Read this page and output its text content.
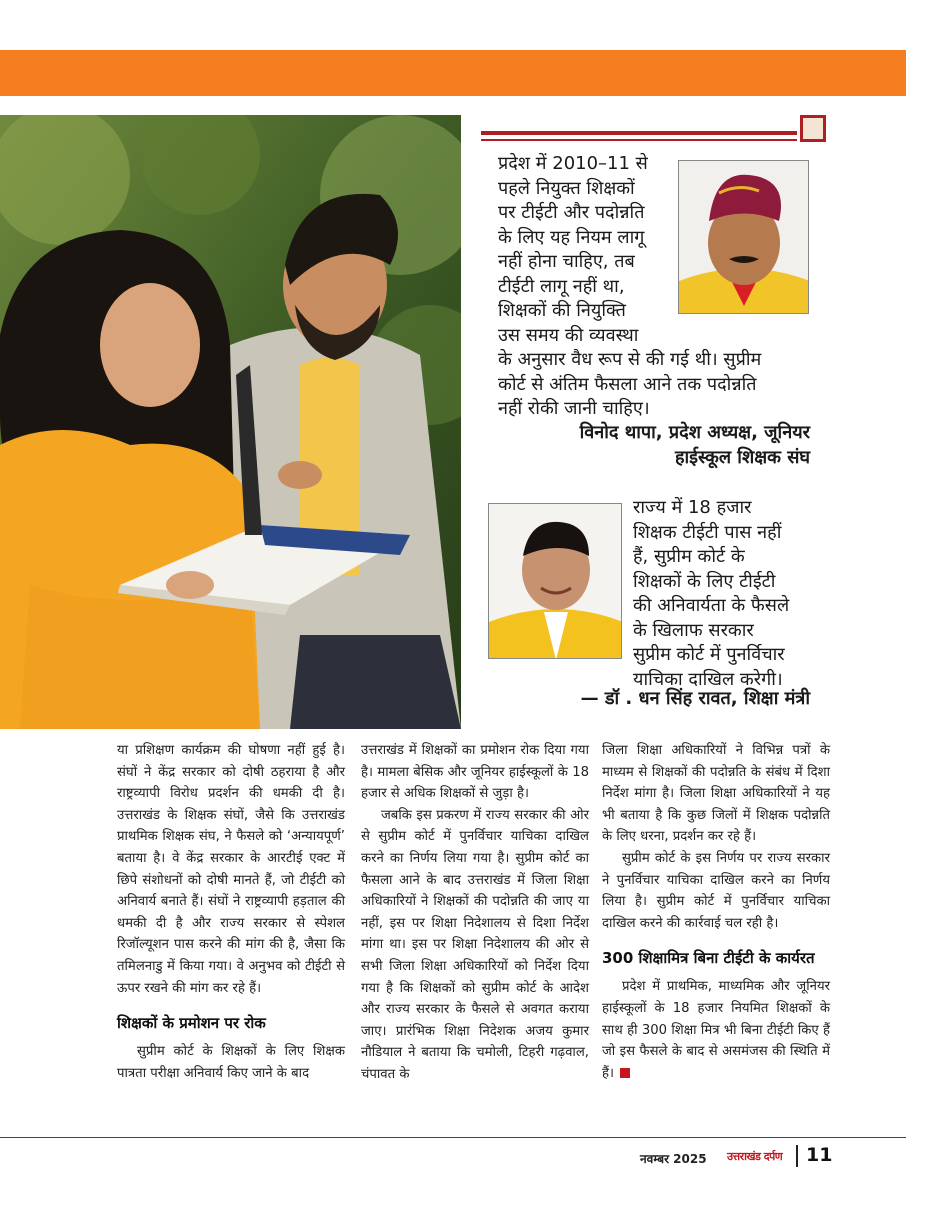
प्रदेश में 2010–11 से
पहले नियुक्त शिक्षकों
पर टीईटी और पदोन्नति
के लिए यह नियम लागू
नहीं होना चाहिए, तब
टीईटी लागू नहीं था,
शिक्षकों की नियुक्ति
उस समय की व्यवस्था
के अनुसार वैध रूप से की गई थी। सुप्रीम
कोर्ट से अंतिम फैसला आने तक पदोन्नति
नहीं रोकी जानी चाहिए।
विनोद थापा, प्रदेश अध्यक्ष, जूनियर
हाईस्कूल शिक्षक संघ
राज्य में 18 हजार
शिक्षक टीईटी पास नहीं
हैं, सुप्रीम कोर्ट के
शिक्षकों के लिए टीईटी
की अनिवार्यता के फैसले
के खिलाफ सरकार
सुप्रीम कोर्ट में पुनर्विचार
याचिका दाखिल करेगी।
— डॉ . धन सिंह रावत, शिक्षा मंत्री

या प्रशिक्षण कार्यक्रम की घोषणा नहीं हुई है। संघों ने केंद्र सरकार को दोषी ठहराया है और राष्ट्रव्यापी विरोध प्रदर्शन की धमकी दी है। उत्तराखंड के शिक्षक संघों, जैसे कि उत्तराखंड प्राथमिक शिक्षक संघ, ने फैसले को ‘अन्यायपूर्ण’ बताया है। वे केंद्र सरकार के आरटीई एक्ट में छिपे संशोधनों को दोषी मानते हैं, जो टीईटी को अनिवार्य बनाते हैं। संघों ने राष्ट्रव्यापी हड़ताल की धमकी दी है और राज्य सरकार से स्पेशल रिजॉल्यूशन पास करने की मांग की है, जैसा कि तमिलनाडु में किया गया। वे अनुभव को टीईटी से ऊपर रखने की मांग कर रहे हैं।

शिक्षकों के प्रमोशन पर रोक

सुप्रीम कोर्ट के शिक्षकों के लिए शिक्षक पात्रता परीक्षा अनिवार्य किए जाने के बाद

उत्तराखंड में शिक्षकों का प्रमोशन रोक दिया गया है। मामला बेसिक और जूनियर हाईस्कूलों के 18 हजार से अधिक शिक्षकों से जुड़ा है।

जबकि इस प्रकरण में राज्य सरकार की ओर से सुप्रीम कोर्ट में पुनर्विचार याचिका दाखिल करने का निर्णय लिया गया है। सुप्रीम कोर्ट का फैसला आने के बाद उत्तराखंड में जिला शिक्षा अधिकारियों ने शिक्षकों की पदोन्नति की जाए या नहीं, इस पर शिक्षा निदेशालय से दिशा निर्देश मांगा था। इस पर शिक्षा निदेशालय की ओर से सभी जिला शिक्षा अधिकारियों को निर्देश दिया गया है कि शिक्षकों को सुप्रीम कोर्ट के आदेश और राज्य सरकार के फैसले से अवगत कराया जाए। प्रारंभिक शिक्षा निदेशक अजय कुमार नौडियाल ने बताया कि चमोली, टिहरी गढ़वाल, चंपावत के

जिला शिक्षा अधिकारियों ने विभिन्न पत्रों के माध्यम से शिक्षकों की पदोन्नति के संबंध में दिशा निर्देश मांगा है। जिला शिक्षा अधिकारियों ने यह भी बताया है कि कुछ जिलों में शिक्षक पदोन्नति के लिए धरना, प्रदर्शन कर रहे हैं।

सुप्रीम कोर्ट के इस निर्णय पर राज्य सरकार ने पुनर्विचार याचिका दाखिल करने का निर्णय लिया है। सुप्रीम कोर्ट में पुनर्विचार याचिका दाखिल करने की कार्रवाई चल रही है।

300 शिक्षामित्र बिना टीईटी के कार्यरत

प्रदेश में प्राथमिक, माध्यमिक और जूनियर हाईस्कूलों के 18 हजार नियमित शिक्षकों के साथ ही 300 शिक्षा मित्र भी बिना टीईटी किए हैं जो इस फैसले के बाद से असमंजस की स्थिति में हैं।

नवम्बर 2025 उत्तराखंड दर्पण 11
